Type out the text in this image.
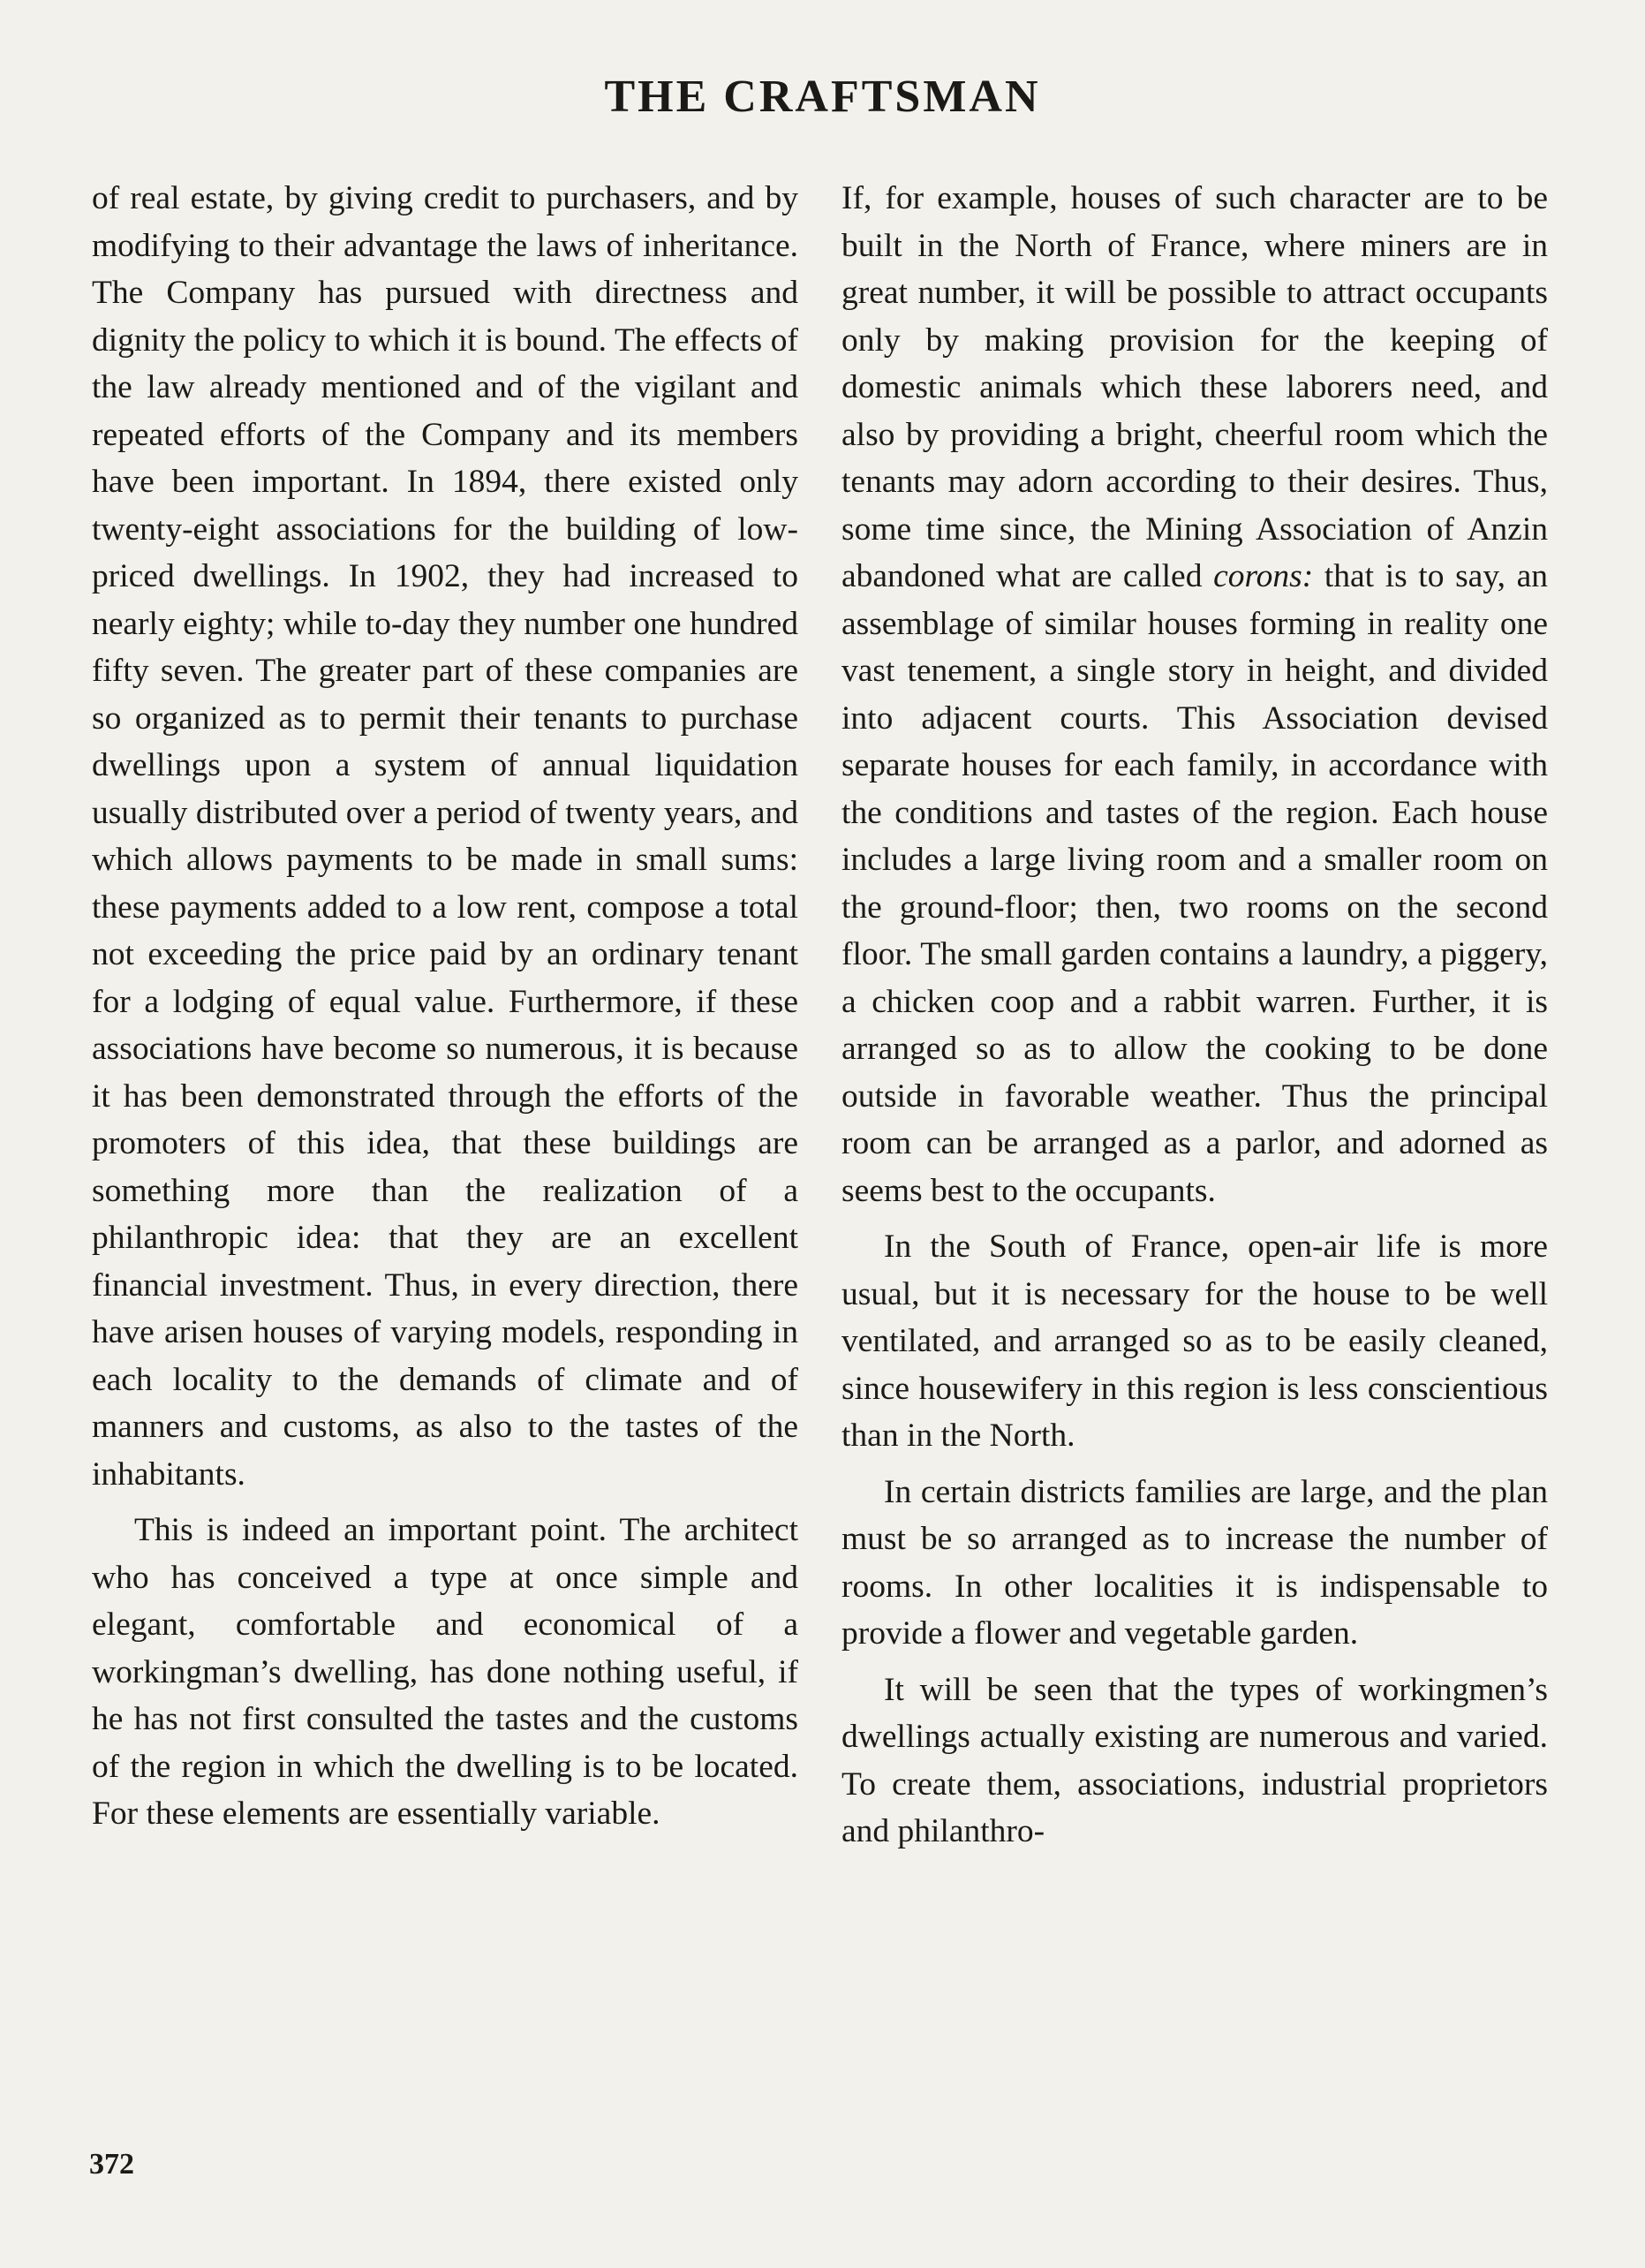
THE CRAFTSMAN

of real estate, by giving credit to purchasers, and by modifying to their advantage the laws of inheritance. The Company has pursued with directness and dignity the policy to which it is bound. The effects of the law already mentioned and of the vigilant and repeated efforts of the Company and its members have been important. In 1894, there existed only twenty-eight associations for the building of low-priced dwellings. In 1902, they had increased to nearly eighty; while to-day they number one hundred fifty seven. The greater part of these companies are so organized as to permit their tenants to purchase dwellings upon a system of annual liquidation usually distributed over a period of twenty years, and which allows payments to be made in small sums: these payments added to a low rent, compose a total not exceeding the price paid by an ordinary tenant for a lodging of equal value. Furthermore, if these associations have become so numerous, it is because it has been demonstrated through the efforts of the promoters of this idea, that these buildings are something more than the realization of a philanthropic idea: that they are an excellent financial investment. Thus, in every direction, there have arisen houses of varying models, responding in each locality to the demands of climate and of manners and customs, as also to the tastes of the inhabitants.

This is indeed an important point. The architect who has conceived a type at once simple and elegant, comfortable and economical of a workingman’s dwelling, has done nothing useful, if he has not first consulted the tastes and the customs of the region in which the dwelling is to be located. For these elements are essentially variable.

If, for example, houses of such character are to be built in the North of France, where miners are in great number, it will be possible to attract occupants only by making provision for the keeping of domestic animals which these laborers need, and also by providing a bright, cheerful room which the tenants may adorn according to their desires. Thus, some time since, the Mining Association of Anzin abandoned what are called corons: that is to say, an assemblage of similar houses forming in reality one vast tenement, a single story in height, and divided into adjacent courts. This Association devised separate houses for each family, in accordance with the conditions and tastes of the region. Each house includes a large living room and a smaller room on the ground-floor; then, two rooms on the second floor. The small garden contains a laundry, a piggery, a chicken coop and a rabbit warren. Further, it is arranged so as to allow the cooking to be done outside in favorable weather. Thus the principal room can be arranged as a parlor, and adorned as seems best to the occupants.

In the South of France, open-air life is more usual, but it is necessary for the house to be well ventilated, and arranged so as to be easily cleaned, since housewifery in this region is less conscientious than in the North.

In certain districts families are large, and the plan must be so arranged as to increase the number of rooms. In other localities it is indispensable to provide a flower and vegetable garden.

It will be seen that the types of workingmen’s dwellings actually existing are numerous and varied. To create them, associations, industrial proprietors and philanthro-

372
